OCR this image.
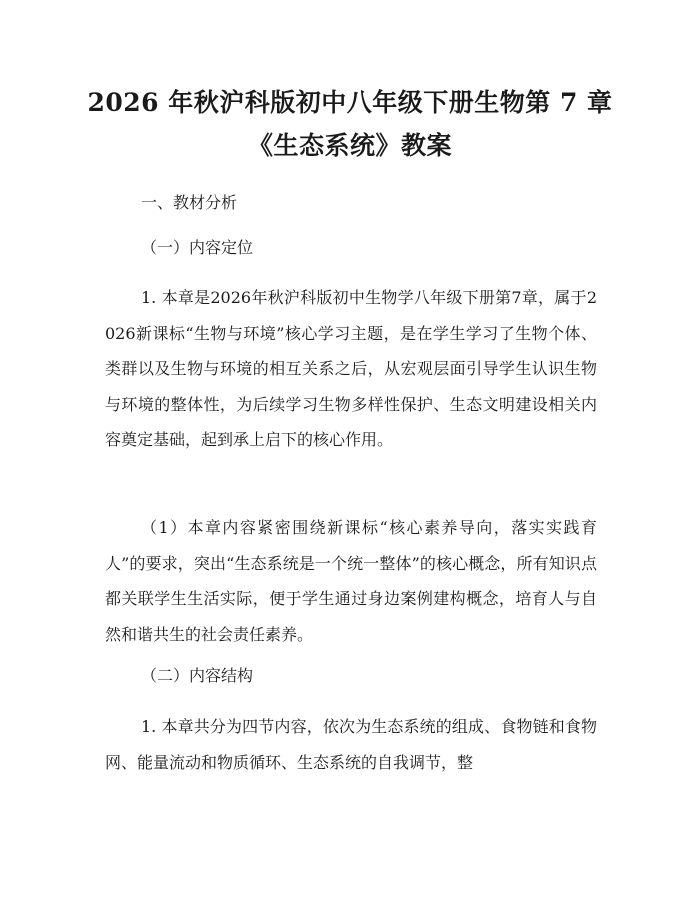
2026 年秋沪科版初中八年级下册生物第 7 章
《生态系统》教案
一、教材分析
（一）内容定位
1. 本章是2026年秋沪科版初中生物学八年级下册第7章，属于2026新课标“生物与环境”核心学习主题，是在学生学习了生物个体、类群以及生物与环境的相互关系之后，从宏观层面引导学生认识生物与环境的整体性，为后续学习生物多样性保护、生态文明建设相关内容奠定基础，起到承上启下的核心作用。
（1）本章内容紧密围绕新课标“核心素养导向，落实实践育人”的要求，突出“生态系统是一个统一整体”的核心概念，所有知识点都关联学生生活实际，便于学生通过身边案例建构概念，培育人与自然和谐共生的社会责任素养。
（二）内容结构
1. 本章共分为四节内容，依次为生态系统的组成、食物链和食物网、能量流动和物质循环、生态系统的自我调节，整
